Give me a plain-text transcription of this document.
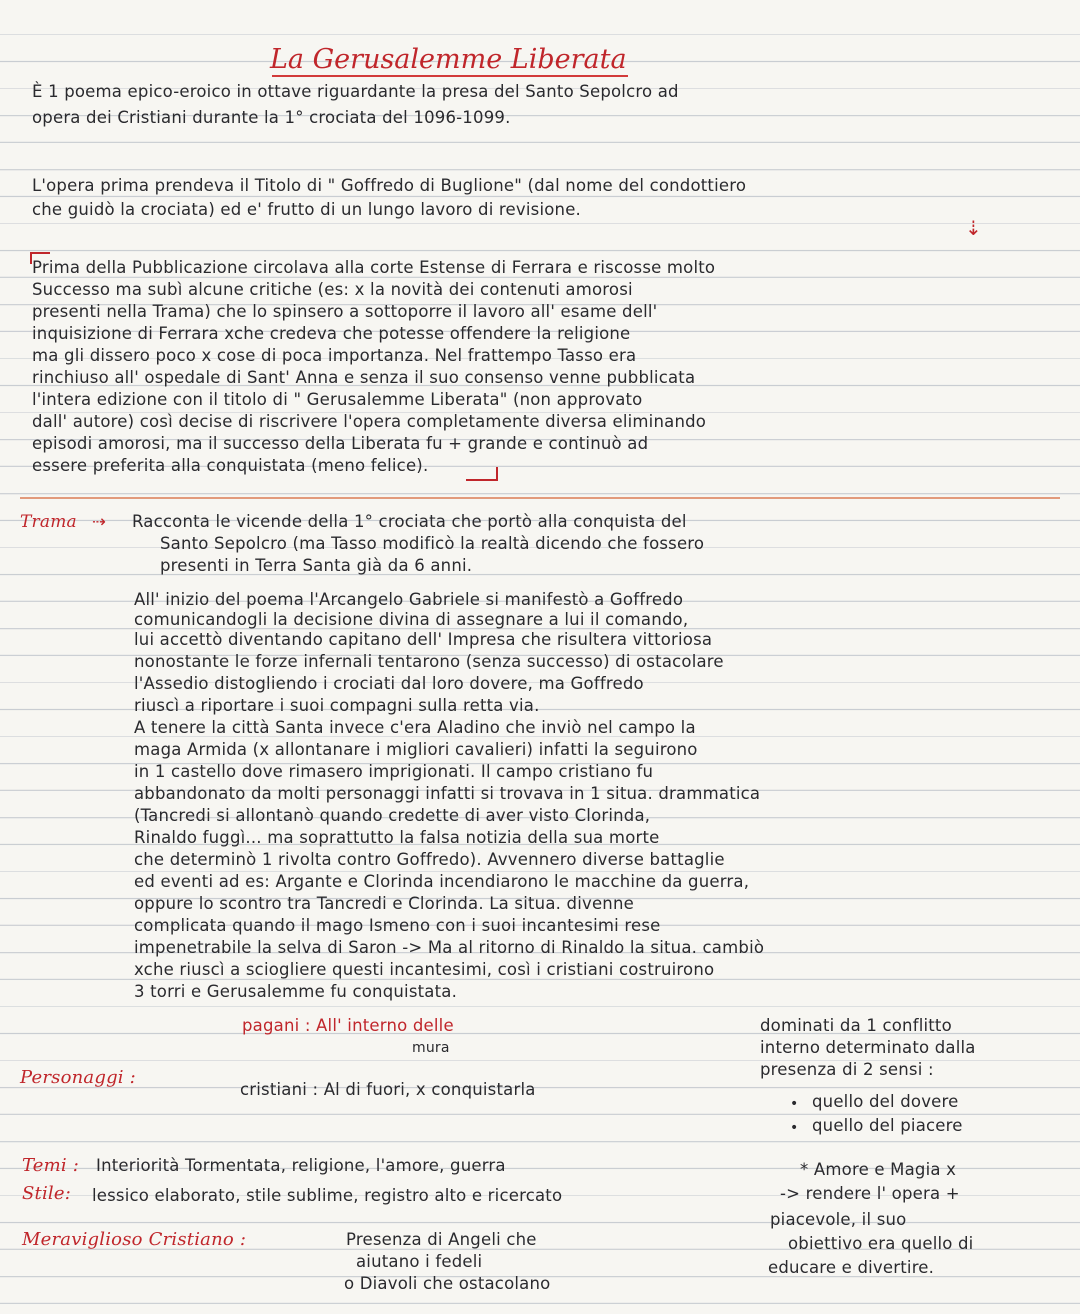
La Gerusalemme Liberata
È 1 poema epico-eroico in ottave riguardante la presa del Santo Sepolcro ad
opera dei Cristiani durante la 1° crociata del 1096-1099.
L'opera prima prendeva il Titolo di " Goffredo di Buglione" (dal nome del condottiero
che guidò la crociata) ed e' frutto di un lungo lavoro di revisione.
⇣
Prima della Pubblicazione circolava alla corte Estense di Ferrara e riscosse molto
Successo ma subì alcune critiche (es: x la novità dei contenuti amorosi
presenti nella Trama) che lo spinsero a sottoporre il lavoro all' esame dell'
inquisizione di Ferrara xche credeva che potesse offendere la religione
ma gli dissero poco x cose di poca importanza. Nel frattempo Tasso era
rinchiuso all' ospedale di Sant' Anna e senza il suo consenso venne pubblicata
l'intera edizione con il titolo di " Gerusalemme Liberata" (non approvato
dall' autore) così decise di riscrivere l'opera completamente diversa eliminando
episodi amorosi, ma il successo della Liberata fu + grande e continuò ad
essere preferita alla conquistata (meno felice).
Trama ⇢ Racconta le vicende della 1° crociata che portò alla conquista del
Santo Sepolcro (ma Tasso modificò la realtà dicendo che fossero
presenti in Terra Santa già da 6 anni.
All' inizio del poema l'Arcangelo Gabriele si manifestò a Goffredo
comunicandogli la decisione divina di assegnare a lui il comando,
lui accettò diventando capitano dell' Impresa che risultera vittoriosa
nonostante le forze infernali tentarono (senza successo) di ostacolare
l'Assedio distogliendo i crociati dal loro dovere, ma Goffredo
riuscì a riportare i suoi compagni sulla retta via.
A tenere la città Santa invece c'era Aladino che inviò nel campo la
maga Armida (x allontanare i migliori cavalieri) infatti la seguirono
in 1 castello dove rimasero imprigionati. Il campo cristiano fu
abbandonato da molti personaggi infatti si trovava in 1 situa. drammatica
(Tancredi si allontanò quando credette di aver visto Clorinda,
Rinaldo fuggì... ma soprattutto la falsa notizia della sua morte
che determinò 1 rivolta contro Goffredo). Avvennero diverse battaglie
ed eventi ad es: Argante e Clorinda incendiarono le macchine da guerra,
oppure lo scontro tra Tancredi e Clorinda. La situa. divenne
complicata quando il mago Ismeno con i suoi incantesimi rese
impenetrabile la selva di Saron -> Ma al ritorno di Rinaldo la situa. cambiò
xche riuscì a sciogliere questi incantesimi, così i cristiani costruirono
3 torri e Gerusalemme fu conquistata.
Personaggi :
pagani : All' interno delle
mura
cristiani : Al di fuori, x conquistarla
dominati da 1 conflitto
interno determinato dalla
presenza di 2 sensi :
• quello del dovere
• quello del piacere
Temi : Interiorità Tormentata, religione, l'amore, guerra
Stile: lessico elaborato, stile sublime, registro alto e ricercato
Meraviglioso Cristiano :	Presenza di Angeli che
aiutano i fedeli
o Diavoli che ostacolano
* Amore e Magia x
-> rendere l' opera +
piacevole, il suo
obiettivo era quello di
educare e divertire.
